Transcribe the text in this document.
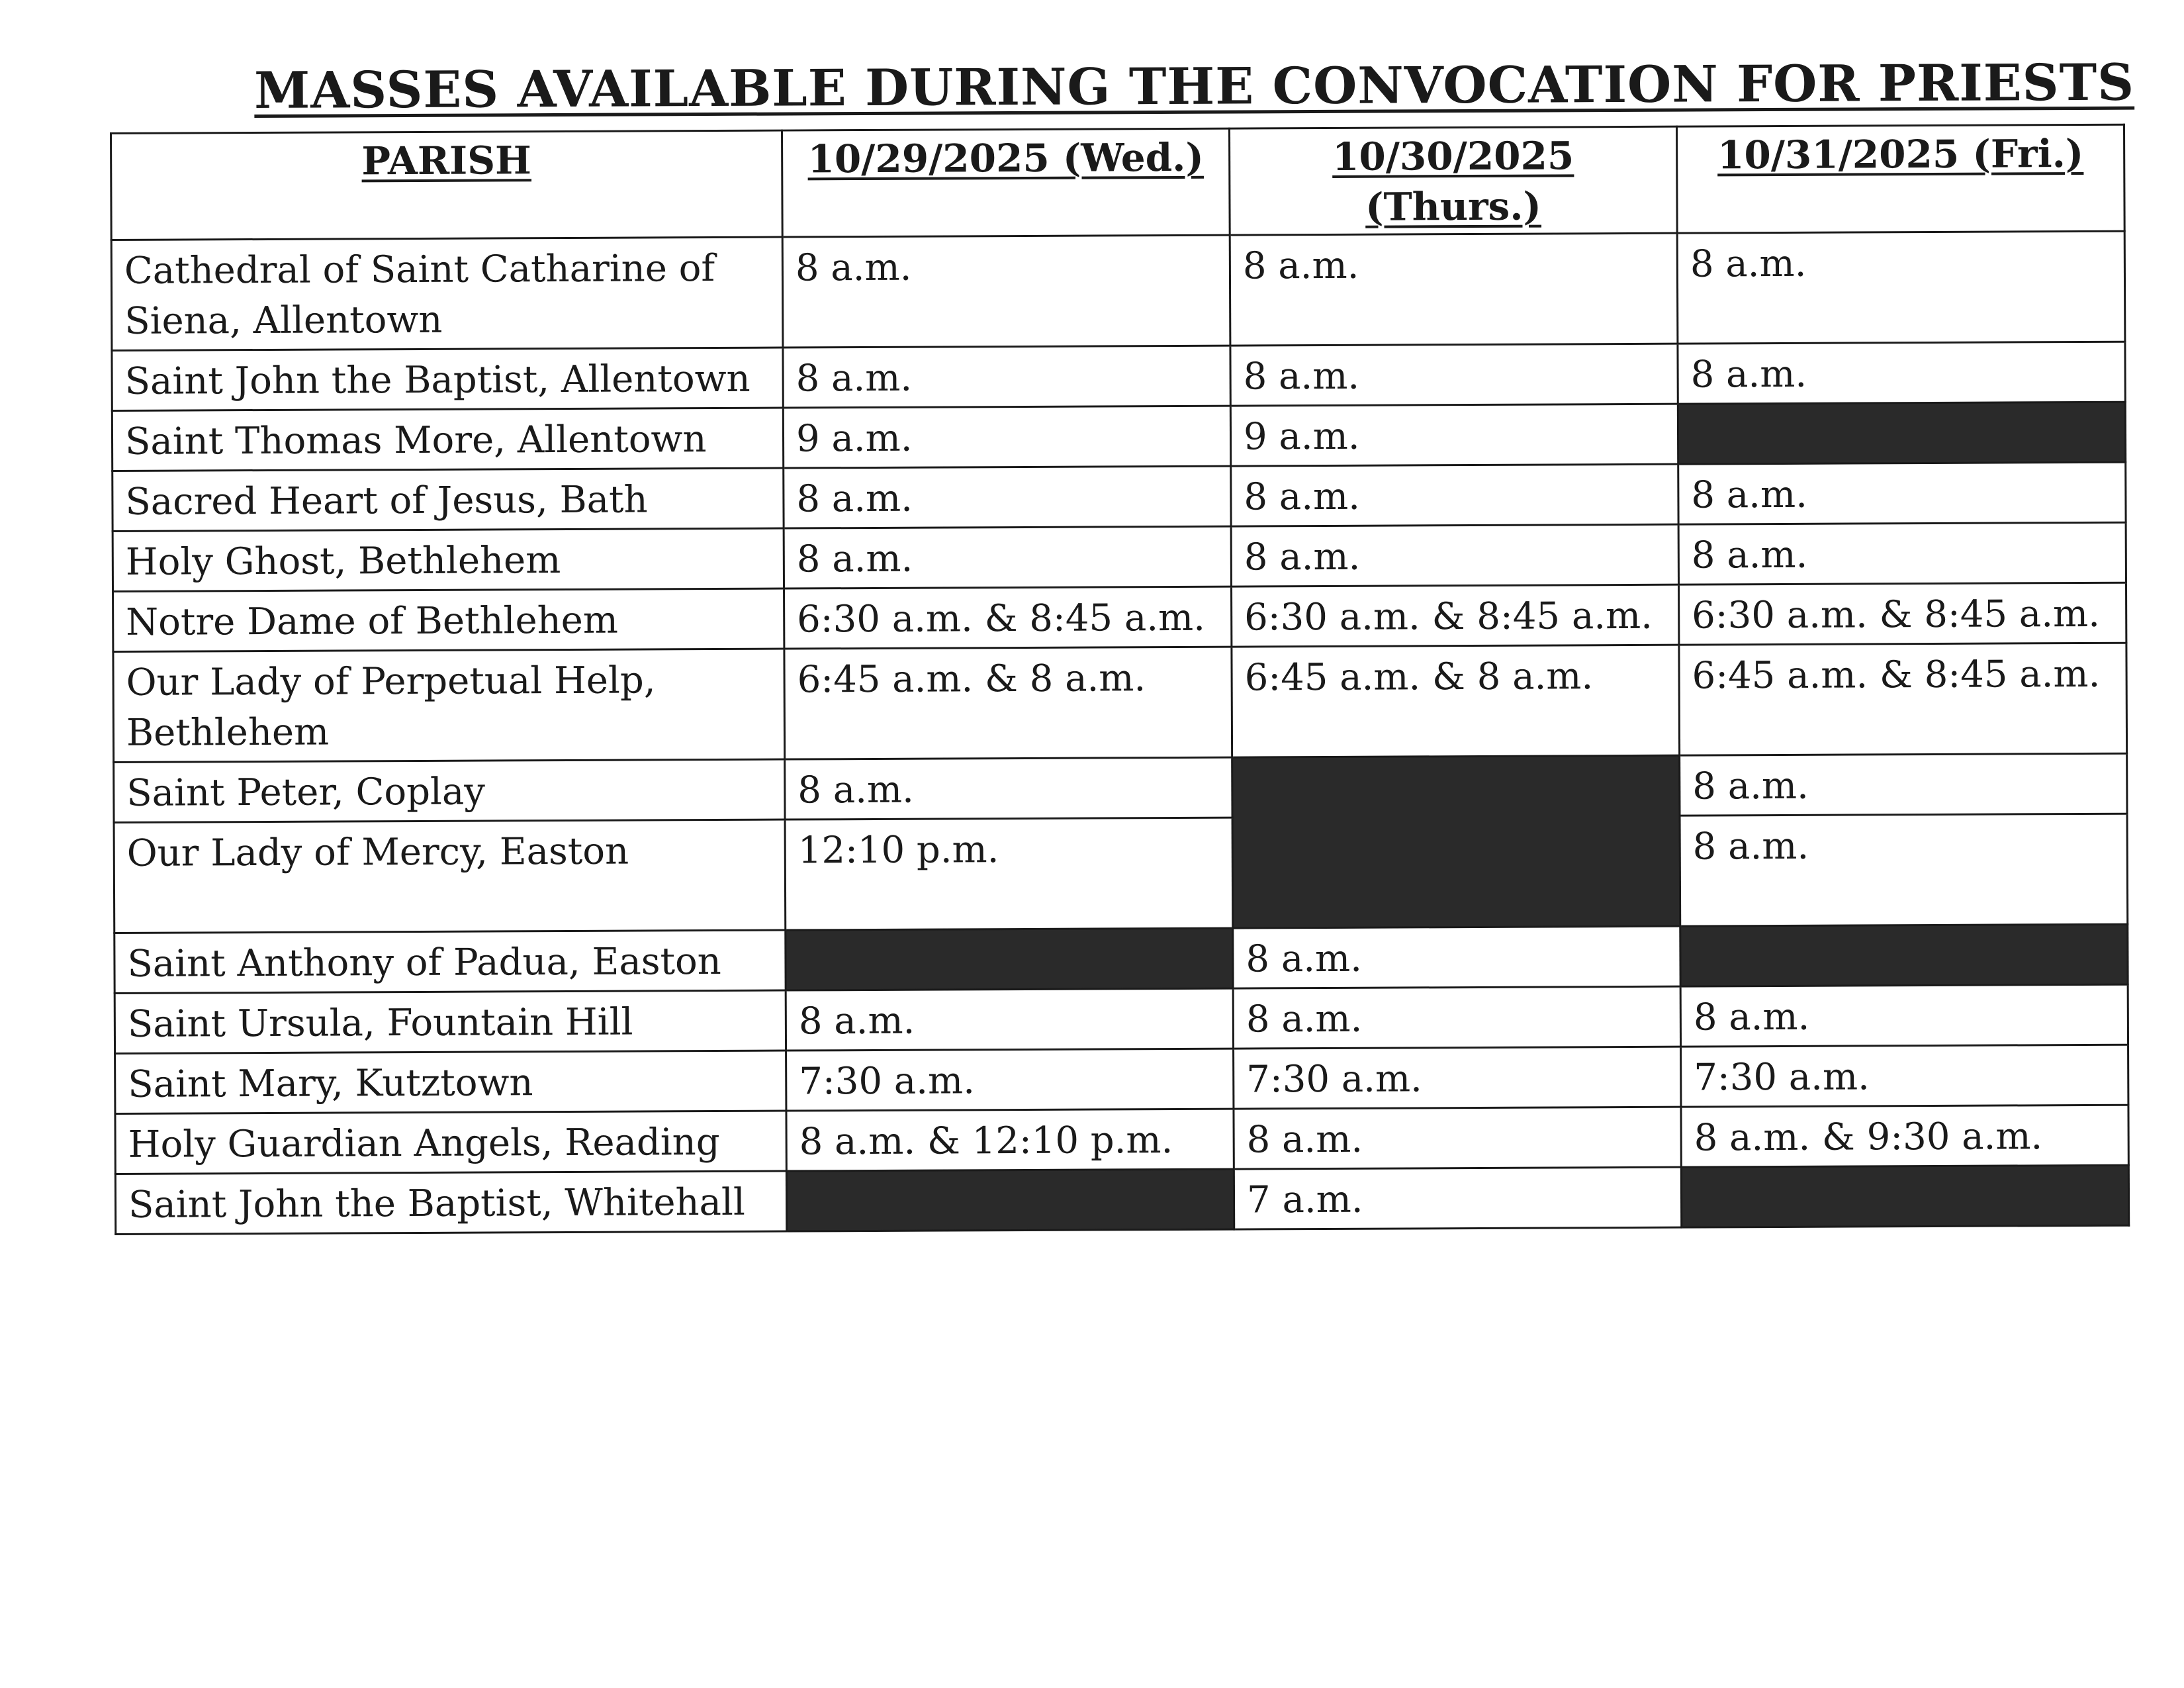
MASSES AVAILABLE DURING THE CONVOCATION FOR PRIESTS
PARISH	10/29/2025 (Wed.)	10/30/2025 (Thurs.)	10/31/2025 (Fri.)
Cathedral of Saint Catharine of Siena, Allentown	8 a.m.	8 a.m.	8 a.m.
Saint John the Baptist, Allentown	8 a.m.	8 a.m.	8 a.m.
Saint Thomas More, Allentown	9 a.m.	9 a.m.	
Sacred Heart of Jesus, Bath	8 a.m.	8 a.m.	8 a.m.
Holy Ghost, Bethlehem	8 a.m.	8 a.m.	8 a.m.
Notre Dame of Bethlehem	6:30 a.m. & 8:45 a.m.	6:30 a.m. & 8:45 a.m.	6:30 a.m. & 8:45 a.m.
Our Lady of Perpetual Help, Bethlehem	6:45 a.m. & 8 a.m.	6:45 a.m. & 8 a.m.	6:45 a.m. & 8:45 a.m.
Saint Peter, Coplay	8 a.m.		8 a.m.
Our Lady of Mercy, Easton	12:10 p.m.		8 a.m.
Saint Anthony of Padua, Easton		8 a.m.	
Saint Ursula, Fountain Hill	8 a.m.	8 a.m.	8 a.m.
Saint Mary, Kutztown	7:30 a.m.	7:30 a.m.	7:30 a.m.
Holy Guardian Angels, Reading	8 a.m. & 12:10 p.m.	8 a.m.	8 a.m. & 9:30 a.m.
Saint John the Baptist, Whitehall		7 a.m.	
